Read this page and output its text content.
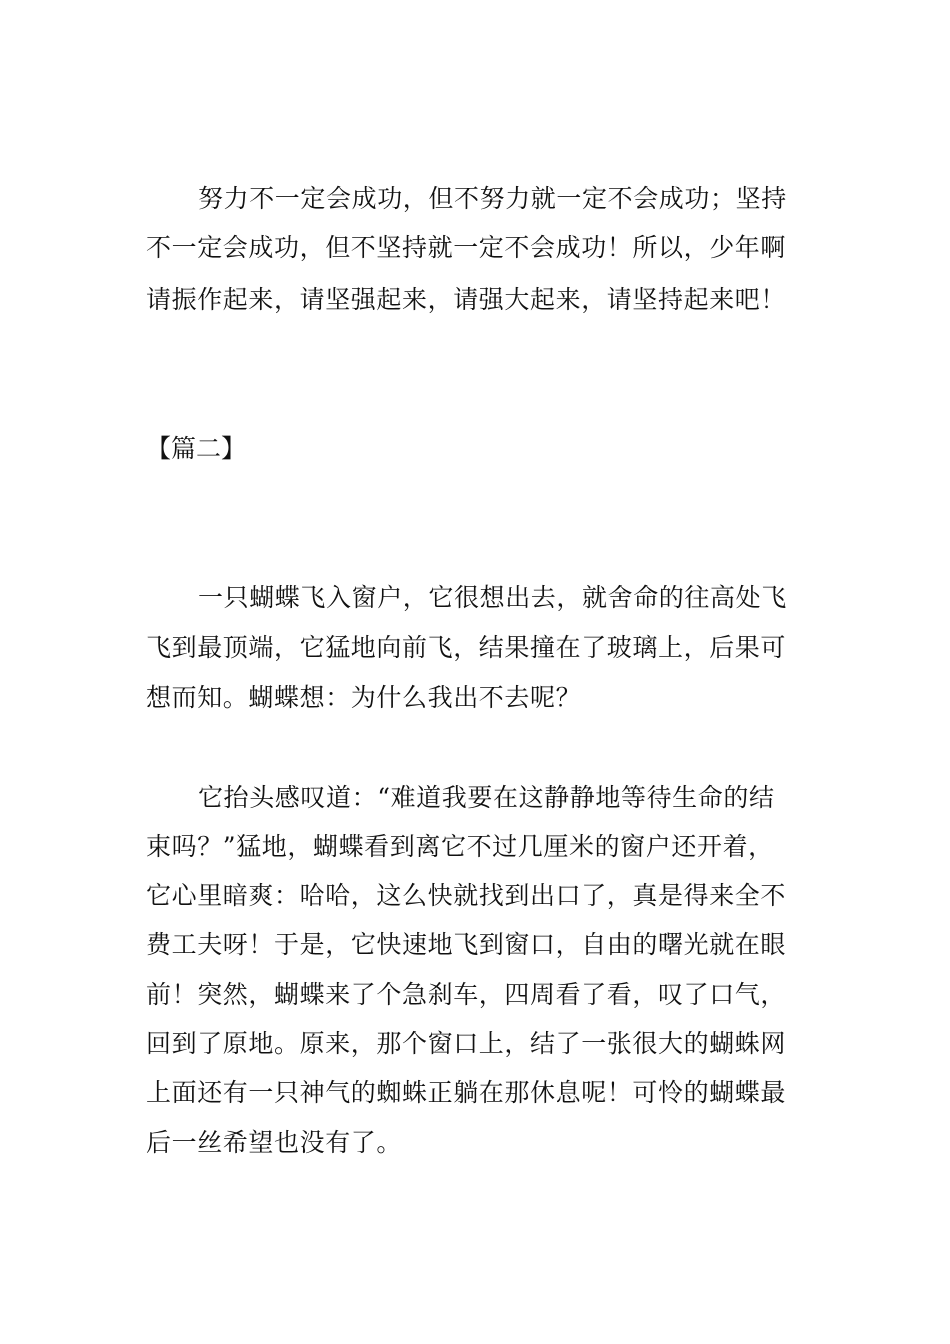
努力不一定会成功，但不努力就一定不会成功；坚持
不一定会成功，但不坚持就一定不会成功！所以，少年啊
请振作起来，请坚强起来，请强大起来，请坚持起来吧！
【篇二】
一只蝴蝶飞入窗户，它很想出去，就舍命的往高处飞
飞到最顶端，它猛地向前飞，结果撞在了玻璃上，后果可
想而知。蝴蝶想：为什么我出不去呢？
它抬头感叹道：“难道我要在这静静地等待生命的结
束吗？”猛地，蝴蝶看到离它不过几厘米的窗户还开着，
它心里暗爽：哈哈，这么快就找到出口了，真是得来全不
费工夫呀！于是，它快速地飞到窗口，自由的曙光就在眼
前！突然，蝴蝶来了个急刹车，四周看了看，叹了口气，
回到了原地。原来，那个窗口上，结了一张很大的蝴蛛网
上面还有一只神气的蜘蛛正躺在那休息呢！可怜的蝴蝶最
后一丝希望也没有了。
